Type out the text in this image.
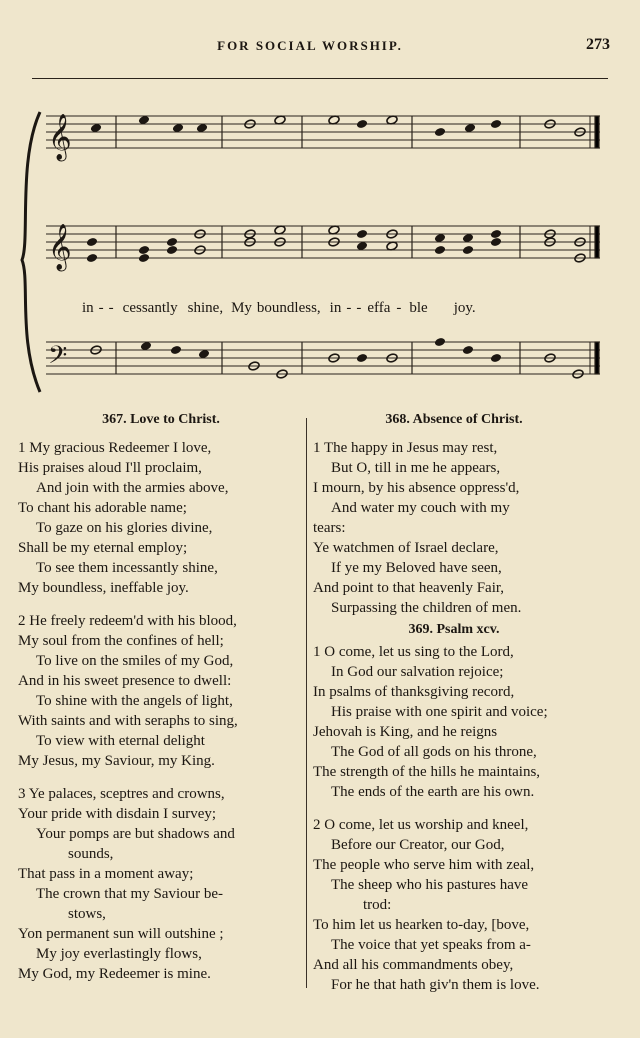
FOR SOCIAL WORSHIP.	273
𝄞
𝄞
𝄢
in - - cessantly shine, My boundless, in - - effa - ble joy.
367. Love to Christ.
1 My gracious Redeemer I love,
His praises aloud I'll proclaim,
And join with the armies above,
To chant his adorable name;
To gaze on his glories divine,
Shall be my eternal employ;
To see them incessantly shine,
My boundless, ineffable joy.
2 He freely redeem'd with his blood,
My soul from the confines of hell;
To live on the smiles of my God,
And in his sweet presence to dwell:
To shine with the angels of light,
With saints and with seraphs to sing,
To view with eternal delight
My Jesus, my Saviour, my King.
3 Ye palaces, sceptres and crowns,
Your pride with disdain I survey;
Your pomps are but shadows and
sounds,
That pass in a moment away;
The crown that my Saviour be-
stows,
Yon permanent sun will outshine ;
My joy everlastingly flows,
My God, my Redeemer is mine.
368. Absence of Christ.
1 The happy in Jesus may rest,
But O, till in me he appears,
I mourn, by his absence oppress'd,
And water my couch with my
tears:
Ye watchmen of Israel declare,
If ye my Beloved have seen,
And point to that heavenly Fair,
Surpassing the children of men.
369. Psalm xcv.
1 O come, let us sing to the Lord,
In God our salvation rejoice;
In psalms of thanksgiving record,
His praise with one spirit and voice;
Jehovah is King, and he reigns
The God of all gods on his throne,
The strength of the hills he maintains,
The ends of the earth are his own.
2 O come, let us worship and kneel,
Before our Creator, our God,
The people who serve him with zeal,
The sheep who his pastures have
trod:
To him let us hearken to-day, [bove,
The voice that yet speaks from a-
And all his commandments obey,
For he that hath giv'n them is love.
